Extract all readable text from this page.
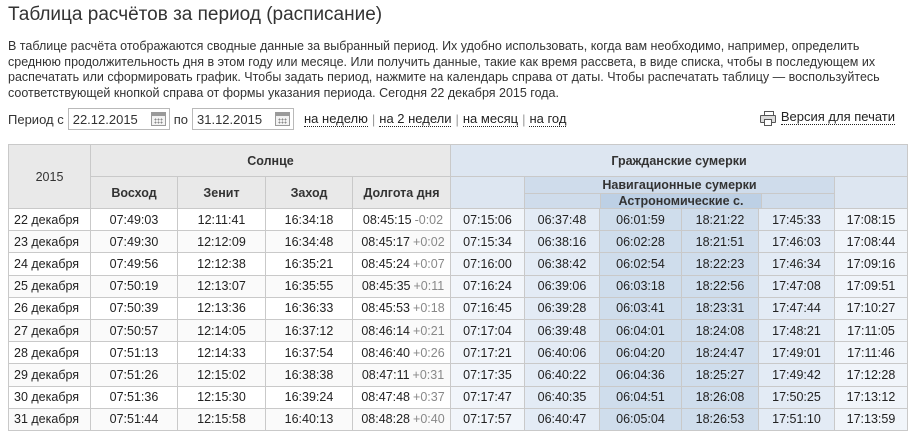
Таблица расчётов за период (расписание)
В таблице расчёта отображаются сводные данные за выбранный период. Их удобно использовать, когда вам необходимо, например, определить среднюю продолжительность дня в этом году или месяце. Или получить данные, такие как время рассвета, в виде списка, чтобы в последующем их распечатать или сформировать график. Чтобы задать период, нажмите на календарь справа от даты. Чтобы распечатать таблицу — воспользуйтесь соответствующей кнопкой справа от формы указания периода. Сегодня 22 декабря 2015 года.
Период с 22.12.2015	по 31.12.2015	на неделю | на 2 недели | на месяц | на год	Версия для печати
2015	Солнце				Гражданские сумерки					
	Восход	Зенит	Заход	Долгота дня		Навигационные сумерки
Астрономические с.				

22 декабря	07:49:03	12:11:41	16:34:18	08:45:15 -0:02	07:15:06	06:37:48	06:01:59	18:21:22	17:45:33	17:08:15
23 декабря	07:49:30	12:12:09	16:34:48	08:45:17 +0:02	07:15:34	06:38:16	06:02:28	18:21:51	17:46:03	17:08:44
24 декабря	07:49:56	12:12:38	16:35:21	08:45:24 +0:07	07:16:00	06:38:42	06:02:54	18:22:23	17:46:34	17:09:16
25 декабря	07:50:19	12:13:07	16:35:55	08:45:35 +0:11	07:16:24	06:39:06	06:03:18	18:22:56	17:47:08	17:09:51
26 декабря	07:50:39	12:13:36	16:36:33	08:45:53 +0:18	07:16:45	06:39:28	06:03:41	18:23:31	17:47:44	17:10:27
27 декабря	07:50:57	12:14:05	16:37:12	08:46:14 +0:21	07:17:04	06:39:48	06:04:01	18:24:08	17:48:21	17:11:05
28 декабря	07:51:13	12:14:33	16:37:54	08:46:40 +0:26	07:17:21	06:40:06	06:04:20	18:24:47	17:49:01	17:11:46
29 декабря	07:51:26	12:15:02	16:38:38	08:47:11 +0:31	07:17:35	06:40:22	06:04:36	18:25:27	17:49:42	17:12:28
30 декабря	07:51:36	12:15:30	16:39:24	08:47:48 +0:37	07:17:47	06:40:35	06:04:51	18:26:08	17:50:25	17:13:12
31 декабря	07:51:44	12:15:58	16:40:13	08:48:28 +0:40	07:17:57	06:40:47	06:05:04	18:26:53	17:51:10	17:13:59
